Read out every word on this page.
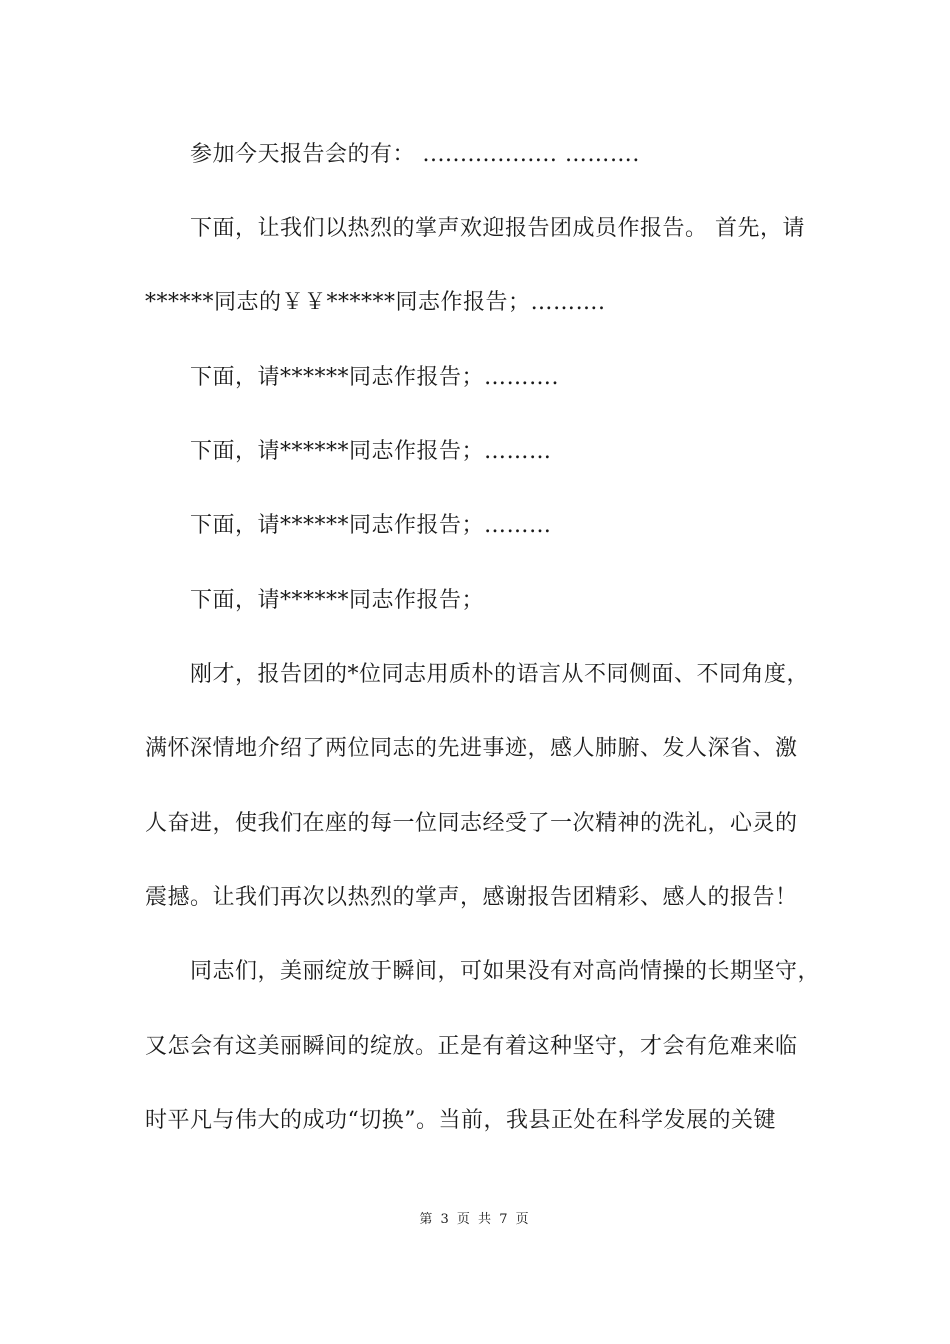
参加今天报告会的有： .................. ……….
下面，让我们以热烈的掌声欢迎报告团成员作报告。 首先，请
******同志的￥￥******同志作报告；……….
下面，请******同志作报告；……….
下面，请******同志作报告；………
下面，请******同志作报告；………
下面，请******同志作报告；
刚才，报告团的*位同志用质朴的语言从不同侧面、不同角度，
满怀深情地介绍了两位同志的先进事迹，感人肺腑、发人深省、激
人奋进，使我们在座的每一位同志经受了一次精神的洗礼，心灵的
震撼。让我们再次以热烈的掌声，感谢报告团精彩、感人的报告！
同志们，美丽绽放于瞬间，可如果没有对高尚情操的长期坚守，
又怎会有这美丽瞬间的绽放。正是有着这种坚守，才会有危难来临
时平凡与伟大的成功“切换”。当前，我县正处在科学发展的关键
第 3 页 共 7 页
